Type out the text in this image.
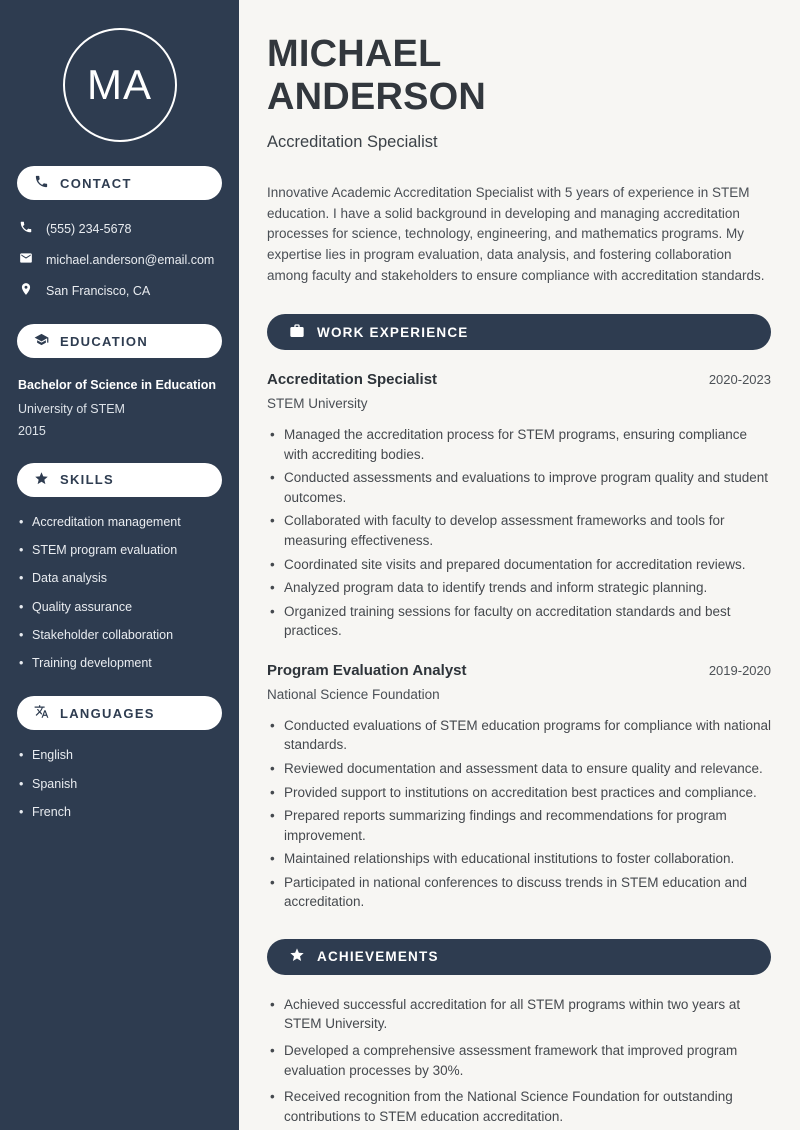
MA
CONTACT
(555) 234-5678
michael.anderson@email.com
San Francisco, CA
EDUCATION
Bachelor of Science in Education
University of STEM
2015
SKILLS
• Accreditation management
• STEM program evaluation
• Data analysis
• Quality assurance
• Stakeholder collaboration
• Training development
LANGUAGES
• English
• Spanish
• French
MICHAEL
ANDERSON
Accreditation Specialist

Innovative Academic Accreditation Specialist with 5 years of experience in STEM education. I have a solid background in developing and managing accreditation processes for science, technology, engineering, and mathematics programs. My expertise lies in program evaluation, data analysis, and fostering collaboration among faculty and stakeholders to ensure compliance with accreditation standards.

WORK EXPERIENCE
Accreditation Specialist	2020-2023
STEM University
• Managed the accreditation process for STEM programs, ensuring compliance with accrediting bodies.
• Conducted assessments and evaluations to improve program quality and student outcomes.
• Collaborated with faculty to develop assessment frameworks and tools for measuring effectiveness.
• Coordinated site visits and prepared documentation for accreditation reviews.
• Analyzed program data to identify trends and inform strategic planning.
• Organized training sessions for faculty on accreditation standards and best practices.
Program Evaluation Analyst	2019-2020
National Science Foundation
• Conducted evaluations of STEM education programs for compliance with national standards.
• Reviewed documentation and assessment data to ensure quality and relevance.
• Provided support to institutions on accreditation best practices and compliance.
• Prepared reports summarizing findings and recommendations for program improvement.
• Maintained relationships with educational institutions to foster collaboration.
• Participated in national conferences to discuss trends in STEM education and accreditation.
ACHIEVEMENTS
• Achieved successful accreditation for all STEM programs within two years at STEM University.
• Developed a comprehensive assessment framework that improved program evaluation processes by 30%.
• Received recognition from the National Science Foundation for outstanding contributions to STEM education accreditation.
